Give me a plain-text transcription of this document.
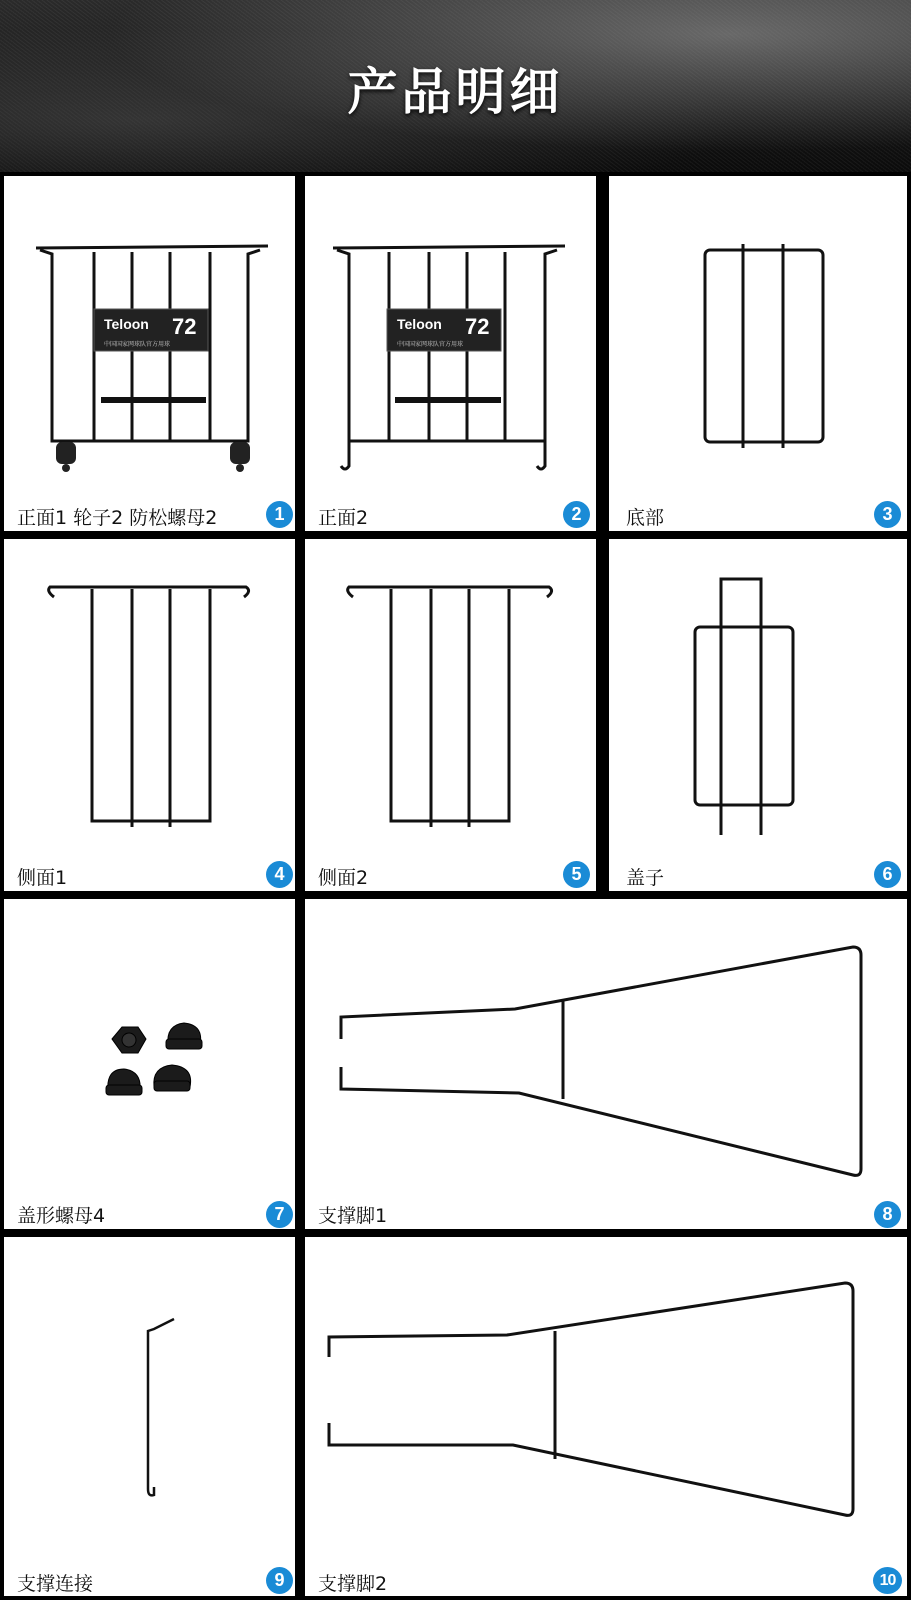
产品明细
Teloon 72
中国国家网球队官方用球
正面1 轮子2 防松螺母2	1
Teloon 72
中国国家网球队官方用球
正面2	2	底部	3
侧面1	4	侧面2	5	盖子	6
盖形螺母4	7	支撑脚1	8
支撑连接	9	支撑脚2	10
